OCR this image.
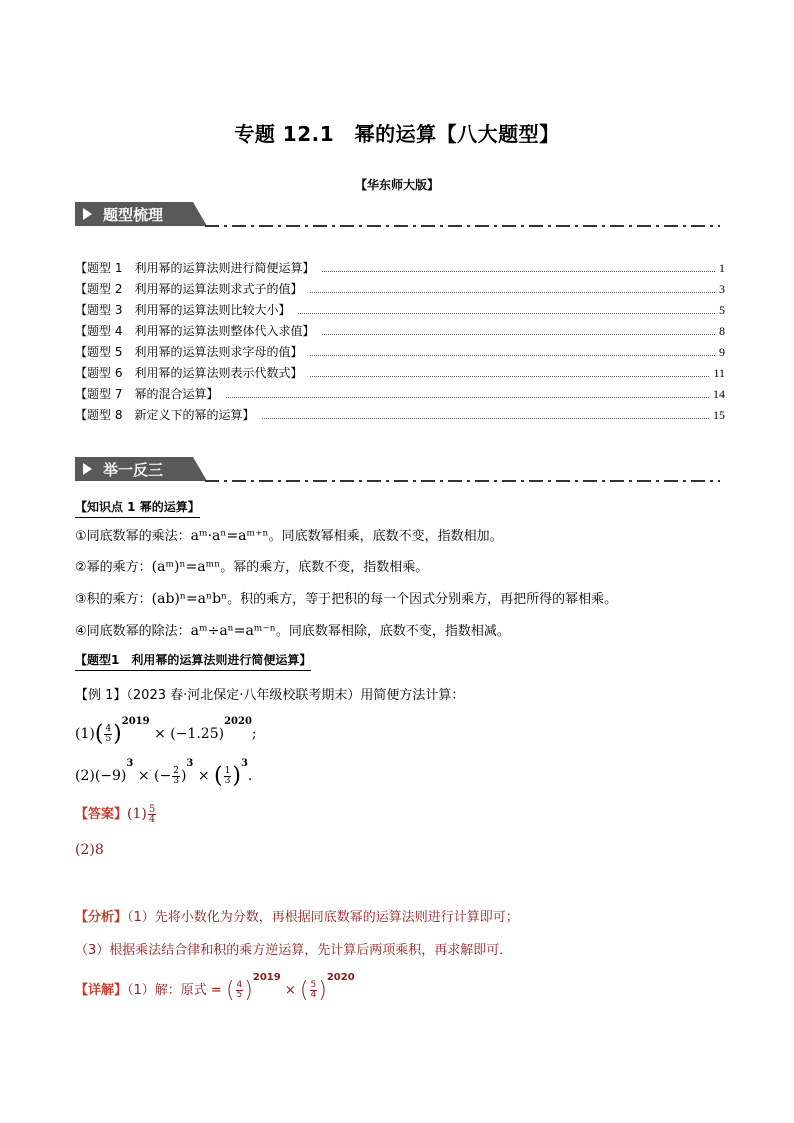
专题 12.1　幂的运算【八大题型】
【华东师大版】
题型梳理
【题型 1　利用幂的运算法则进行简便运算】	1
【题型 2　利用幂的运算法则求式子的值】	3
【题型 3　利用幂的运算法则比较大小】	5
【题型 4　利用幂的运算法则整体代入求值】	8
【题型 5　利用幂的运算法则求字母的值】	9
【题型 6　利用幂的运算法则表示代数式】	11
【题型 7　幂的混合运算】	14
【题型 8　新定义下的幂的运算】	15
举一反三
【知识点 1 幂的运算】
①同底数幂的乘法：aᵐ·aⁿ=aᵐ⁺ⁿ。同底数幂相乘，底数不变，指数相加。
②幂的乘方：(aᵐ)ⁿ=aᵐⁿ。幂的乘方，底数不变，指数相乘。
③积的乘方：(ab)ⁿ=aⁿbⁿ。积的乘方，等于把积的每一个因式分别乘方，再把所得的幂相乘。
④同底数幂的除法：aᵐ÷aⁿ=aᵐ⁻ⁿ。同底数幂相除，底数不变，指数相减。
【题型1　利用幂的运算法则进行简便运算】
【例 1】（2023 春·河北保定·八年级校联考期末）用简便方法计算：
$(1)( \frac{4}{5} )^{2019} \times (-1.25)^{2020}$;
$(2)(-9)^3$ × (− $\frac{2}{3} )^3$ × ( $\frac{1}{3} )^3$.
【答案】$(1) \frac{5}{4}$
(2)8
【分析】（1）先将小数化为分数，再根据同底数幂的运算法则进行计算即可；
（3）根据乘法结合律和积的乘方逆运算，先计算后两项乘积，再求解即可．
【详解】（1）解：原式 = ( $\frac{4}{5} )^{2019}$ × ( $\frac{5}{4} )^{2020}$
